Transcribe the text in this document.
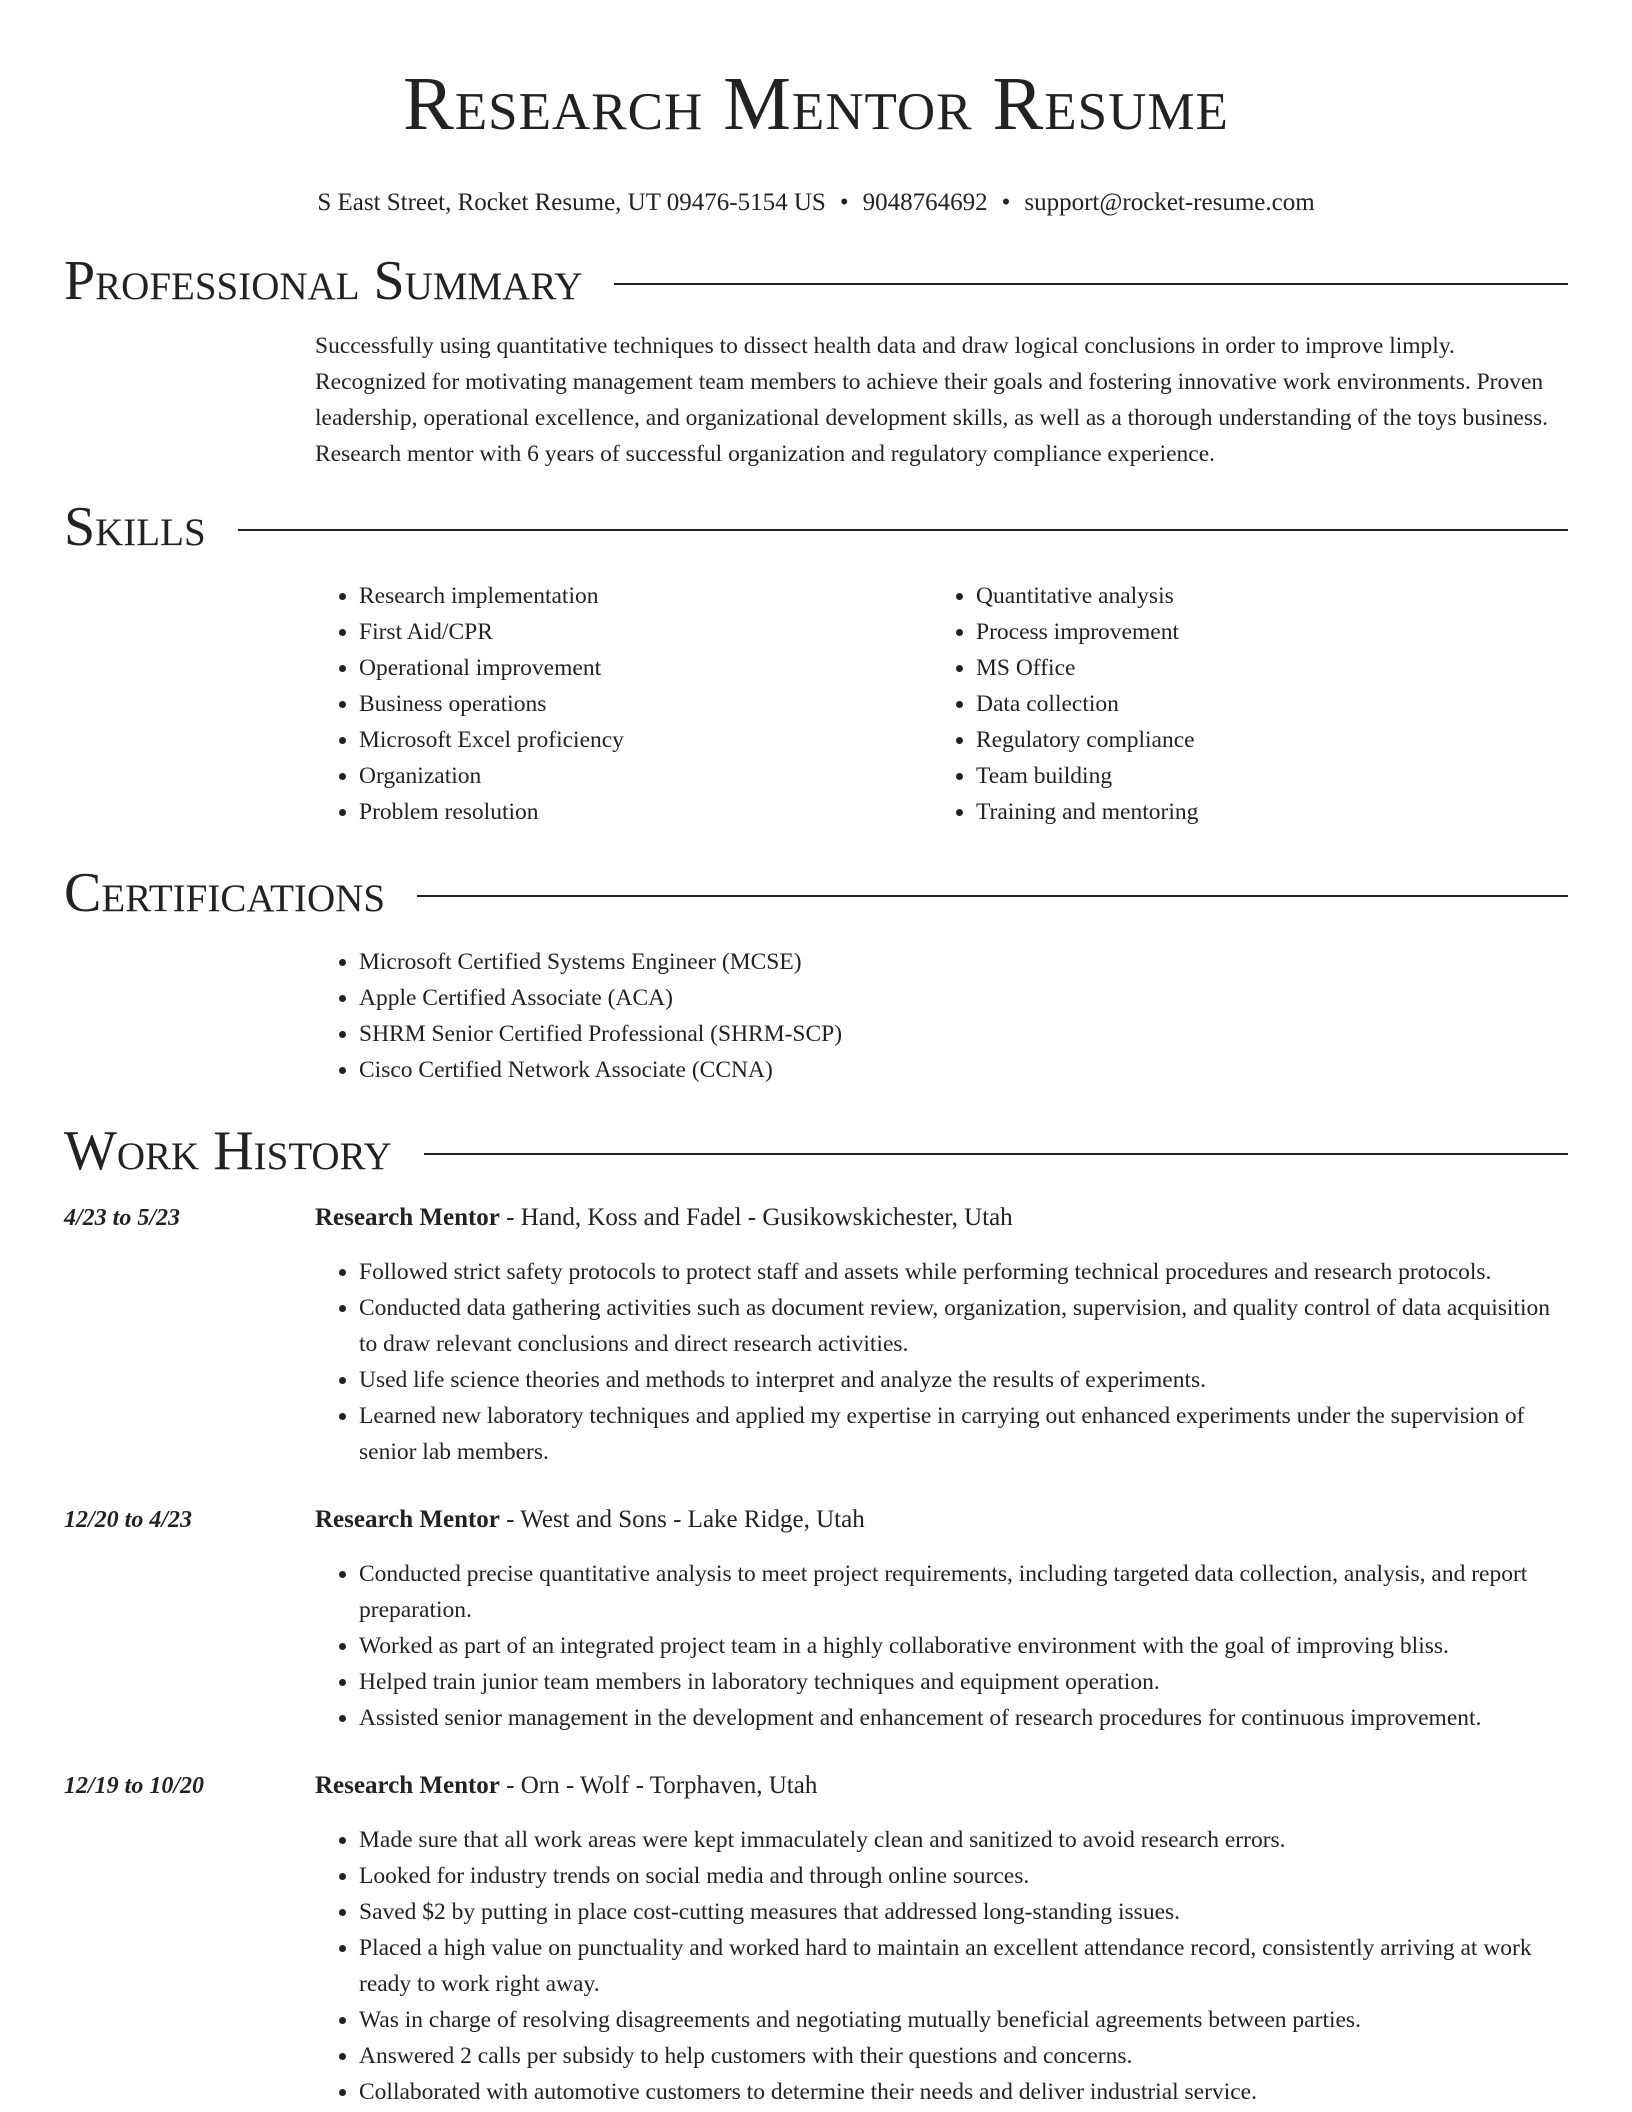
Research Mentor Resume
S East Street, Rocket Resume, UT 09476-5154 US • 9048764692 • support@rocket-resume.com
Professional Summary

Successfully using quantitative techniques to dissect health data and draw logical conclusions in order to improve limply. Recognized for motivating management team members to achieve their goals and fostering innovative work environments. Proven leadership, operational excellence, and organizational development skills, as well as a thorough understanding of the toys business. Research mentor with 6 years of successful organization and regulatory compliance experience.

Skills
• Research implementation
• First Aid/CPR
• Operational improvement
• Business operations
• Microsoft Excel proficiency
• Organization
• Problem resolution
• Quantitative analysis
• Process improvement
• MS Office
• Data collection
• Regulatory compliance
• Team building
• Training and mentoring
Certifications
• Microsoft Certified Systems Engineer (MCSE)
• Apple Certified Associate (ACA)
• SHRM Senior Certified Professional (SHRM-SCP)
• Cisco Certified Network Associate (CCNA)
Work History
4/23 to 5/23	Research Mentor - Hand, Koss and Fadel - Gusikowskichester, Utah
• Followed strict safety protocols to protect staff and assets while performing technical procedures and research protocols.
• Conducted data gathering activities such as document review, organization, supervision, and quality control of data acquisition to draw relevant conclusions and direct research activities.
• Used life science theories and methods to interpret and analyze the results of experiments.
• Learned new laboratory techniques and applied my expertise in carrying out enhanced experiments under the supervision of senior lab members.
12/20 to 4/23	Research Mentor - West and Sons - Lake Ridge, Utah
• Conducted precise quantitative analysis to meet project requirements, including targeted data collection, analysis, and report preparation.
• Worked as part of an integrated project team in a highly collaborative environment with the goal of improving bliss.
• Helped train junior team members in laboratory techniques and equipment operation.
• Assisted senior management in the development and enhancement of research procedures for continuous improvement.
12/19 to 10/20	Research Mentor - Orn - Wolf - Torphaven, Utah
• Made sure that all work areas were kept immaculately clean and sanitized to avoid research errors.
• Looked for industry trends on social media and through online sources.
• Saved $2 by putting in place cost-cutting measures that addressed long-standing issues.
• Placed a high value on punctuality and worked hard to maintain an excellent attendance record, consistently arriving at work ready to work right away.
• Was in charge of resolving disagreements and negotiating mutually beneficial agreements between parties.
• Answered 2 calls per subsidy to help customers with their questions and concerns.
• Collaborated with automotive customers to determine their needs and deliver industrial service.
